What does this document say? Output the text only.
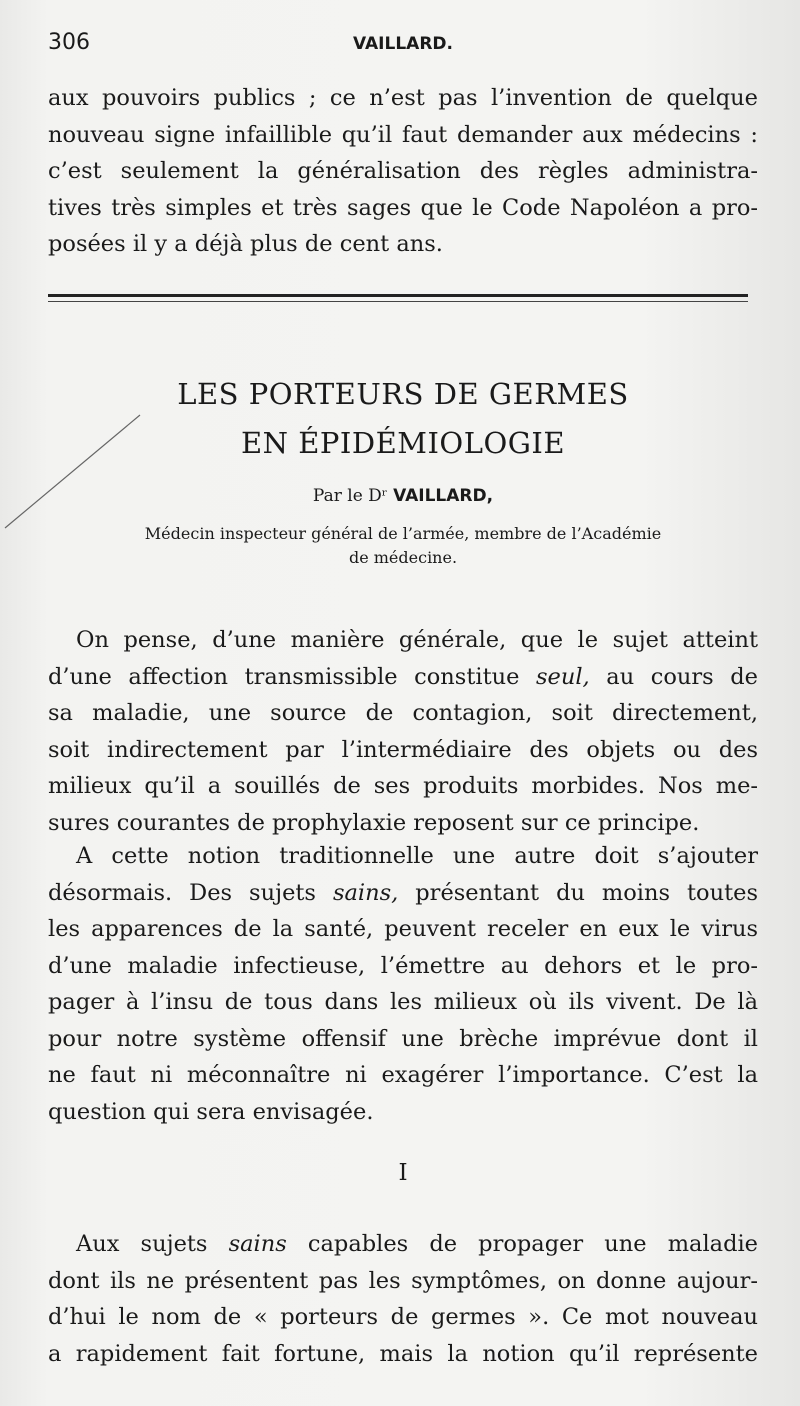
306	VAILLARD.

aux pouvoirs publics ; ce n’est pas l’invention de quelque
nouveau signe infaillible qu’il faut demander aux médecins :
c’est seulement la généralisation des règles administra-
tives très simples et très sages que le Code Napoléon a pro-
posées il y a déjà plus de cent ans.

LES PORTEURS DE GERMES
EN ÉPIDÉMIOLOGIE
Par le Dʳ VAILLARD,
Médecin inspecteur général de l’armée, membre de l’Académie
de médecine.

On pense, d’une manière générale, que le sujet atteint
d’une affection transmissible constitue seul, au cours de
sa maladie, une source de contagion, soit directement,
soit indirectement par l’intermédiaire des objets ou des
milieux qu’il a souillés de ses produits morbides. Nos me-
sures courantes de prophylaxie reposent sur ce principe.

A cette notion traditionnelle une autre doit s’ajouter
désormais. Des sujets sains, présentant du moins toutes
les apparences de la santé, peuvent receler en eux le virus
d’une maladie infectieuse, l’émettre au dehors et le pro-
pager à l’insu de tous dans les milieux où ils vivent. De là
pour notre système offensif une brèche imprévue dont il
ne faut ni méconnaître ni exagérer l’importance. C’est la
question qui sera envisagée.

I

Aux sujets sains capables de propager une maladie
dont ils ne présentent pas les symptômes, on donne aujour-
d’hui le nom de « porteurs de germes ». Ce mot nouveau
a rapidement fait fortune, mais la notion qu’il représente
